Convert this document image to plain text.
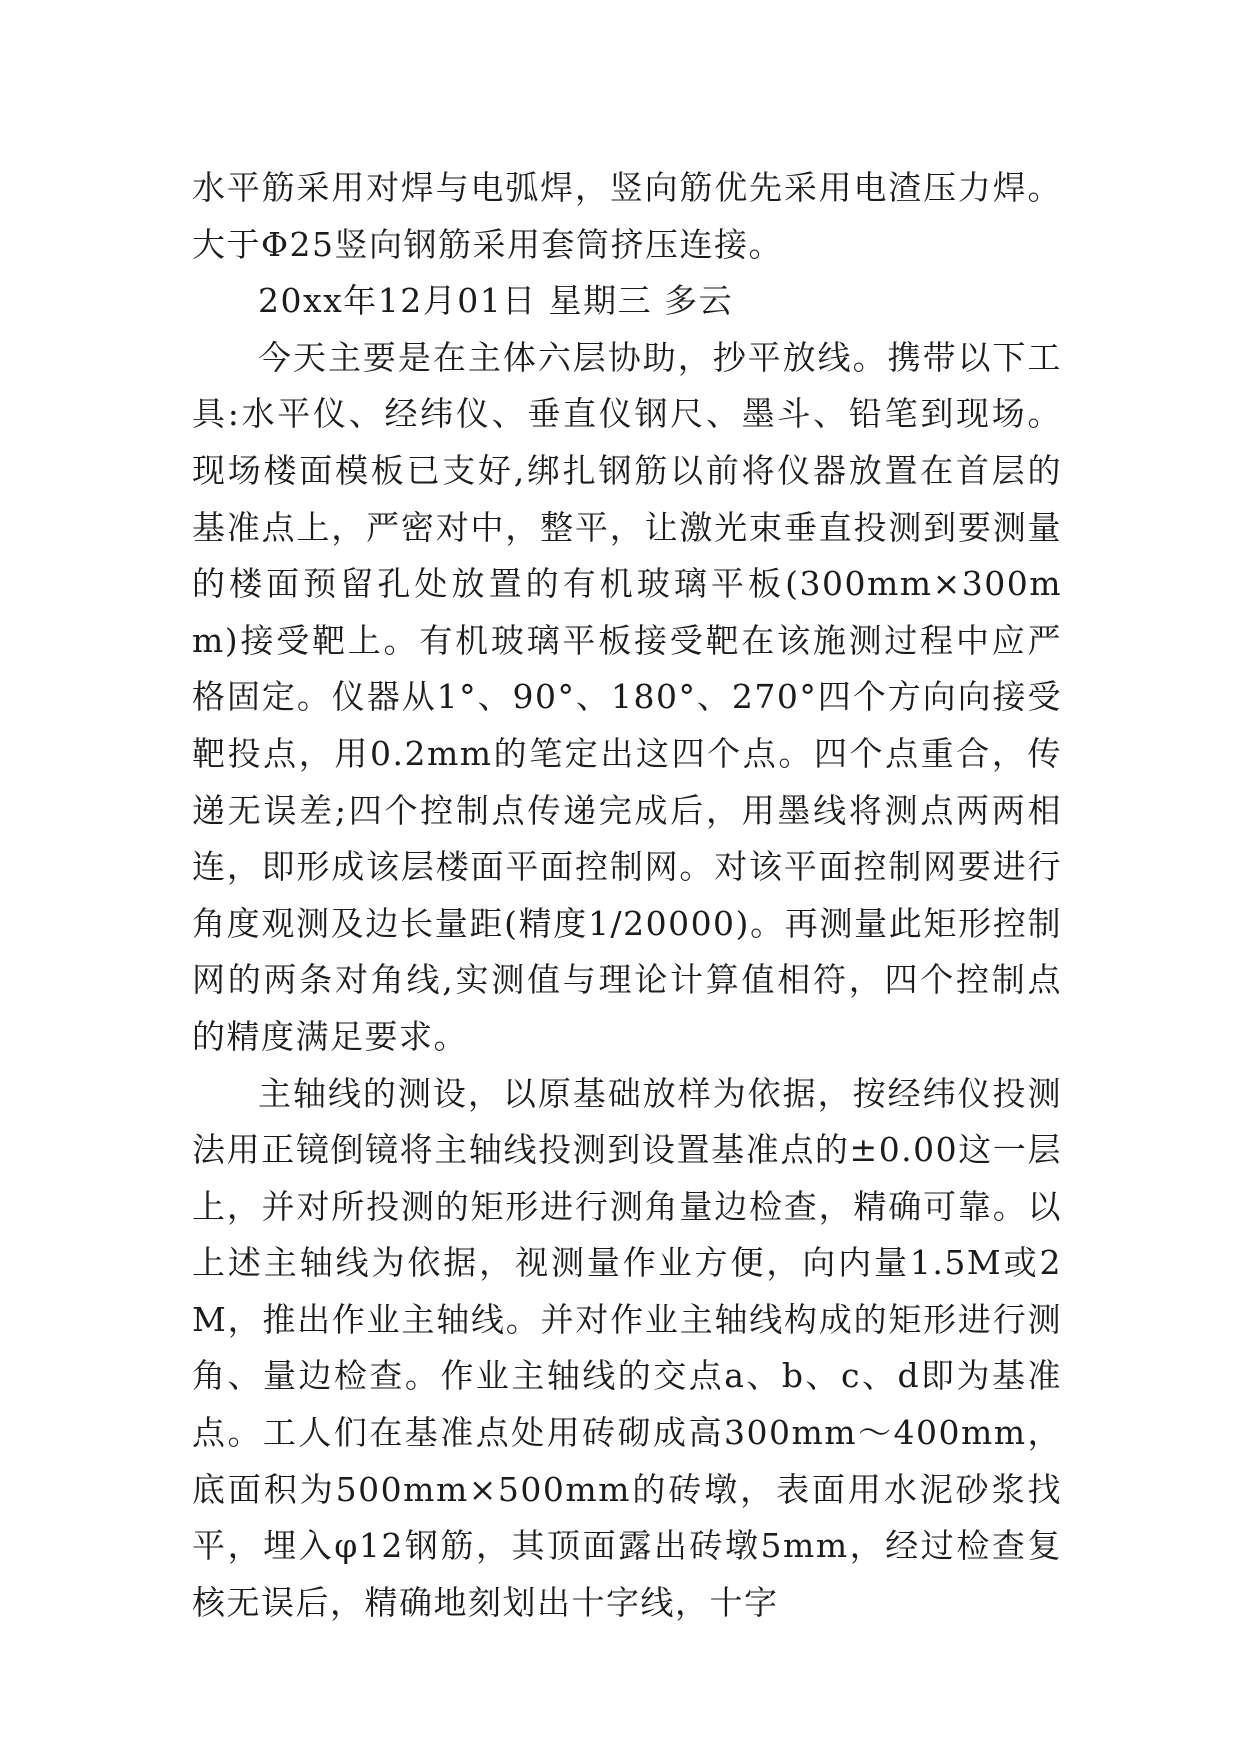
水平筋采用对焊与电弧焊，竖向筋优先采用电渣压力焊。大于Φ25竖向钢筋采用套筒挤压连接。

20xx年12月01日 星期三 多云

今天主要是在主体六层协助，抄平放线。携带以下工具:水平仪、经纬仪、垂直仪钢尺、墨斗、铅笔到现场。现场楼面模板已支好,绑扎钢筋以前将仪器放置在首层的基准点上，严密对中，整平，让激光束垂直投测到要测量的楼面预留孔处放置的有机玻璃平板(300mm×300mm)接受靶上。有机玻璃平板接受靶在该施测过程中应严格固定。仪器从1°、90°、180°、270°四个方向向接受靶投点，用0.2mm的笔定出这四个点。四个点重合，传递无误差;四个控制点传递完成后，用墨线将测点两两相连，即形成该层楼面平面控制网。对该平面控制网要进行角度观测及边长量距(精度1/20000)。再测量此矩形控制网的两条对角线,实测值与理论计算值相符，四个控制点的精度满足要求。

主轴线的测设，以原基础放样为依据，按经纬仪投测法用正镜倒镜将主轴线投测到设置基准点的±0.00这一层上，并对所投测的矩形进行测角量边检查，精确可靠。以上述主轴线为依据，视测量作业方便，向内量1.5M或2M，推出作业主轴线。并对作业主轴线构成的矩形进行测角、量边检查。作业主轴线的交点a、b、c、d即为基准点。工人们在基准点处用砖砌成高300mm～400mm，底面积为500mm×500mm的砖墩，表面用水泥砂浆找平，埋入φ12钢筋，其顶面露出砖墩5mm，经过检查复核无误后，精确地刻划出十字线，十字
